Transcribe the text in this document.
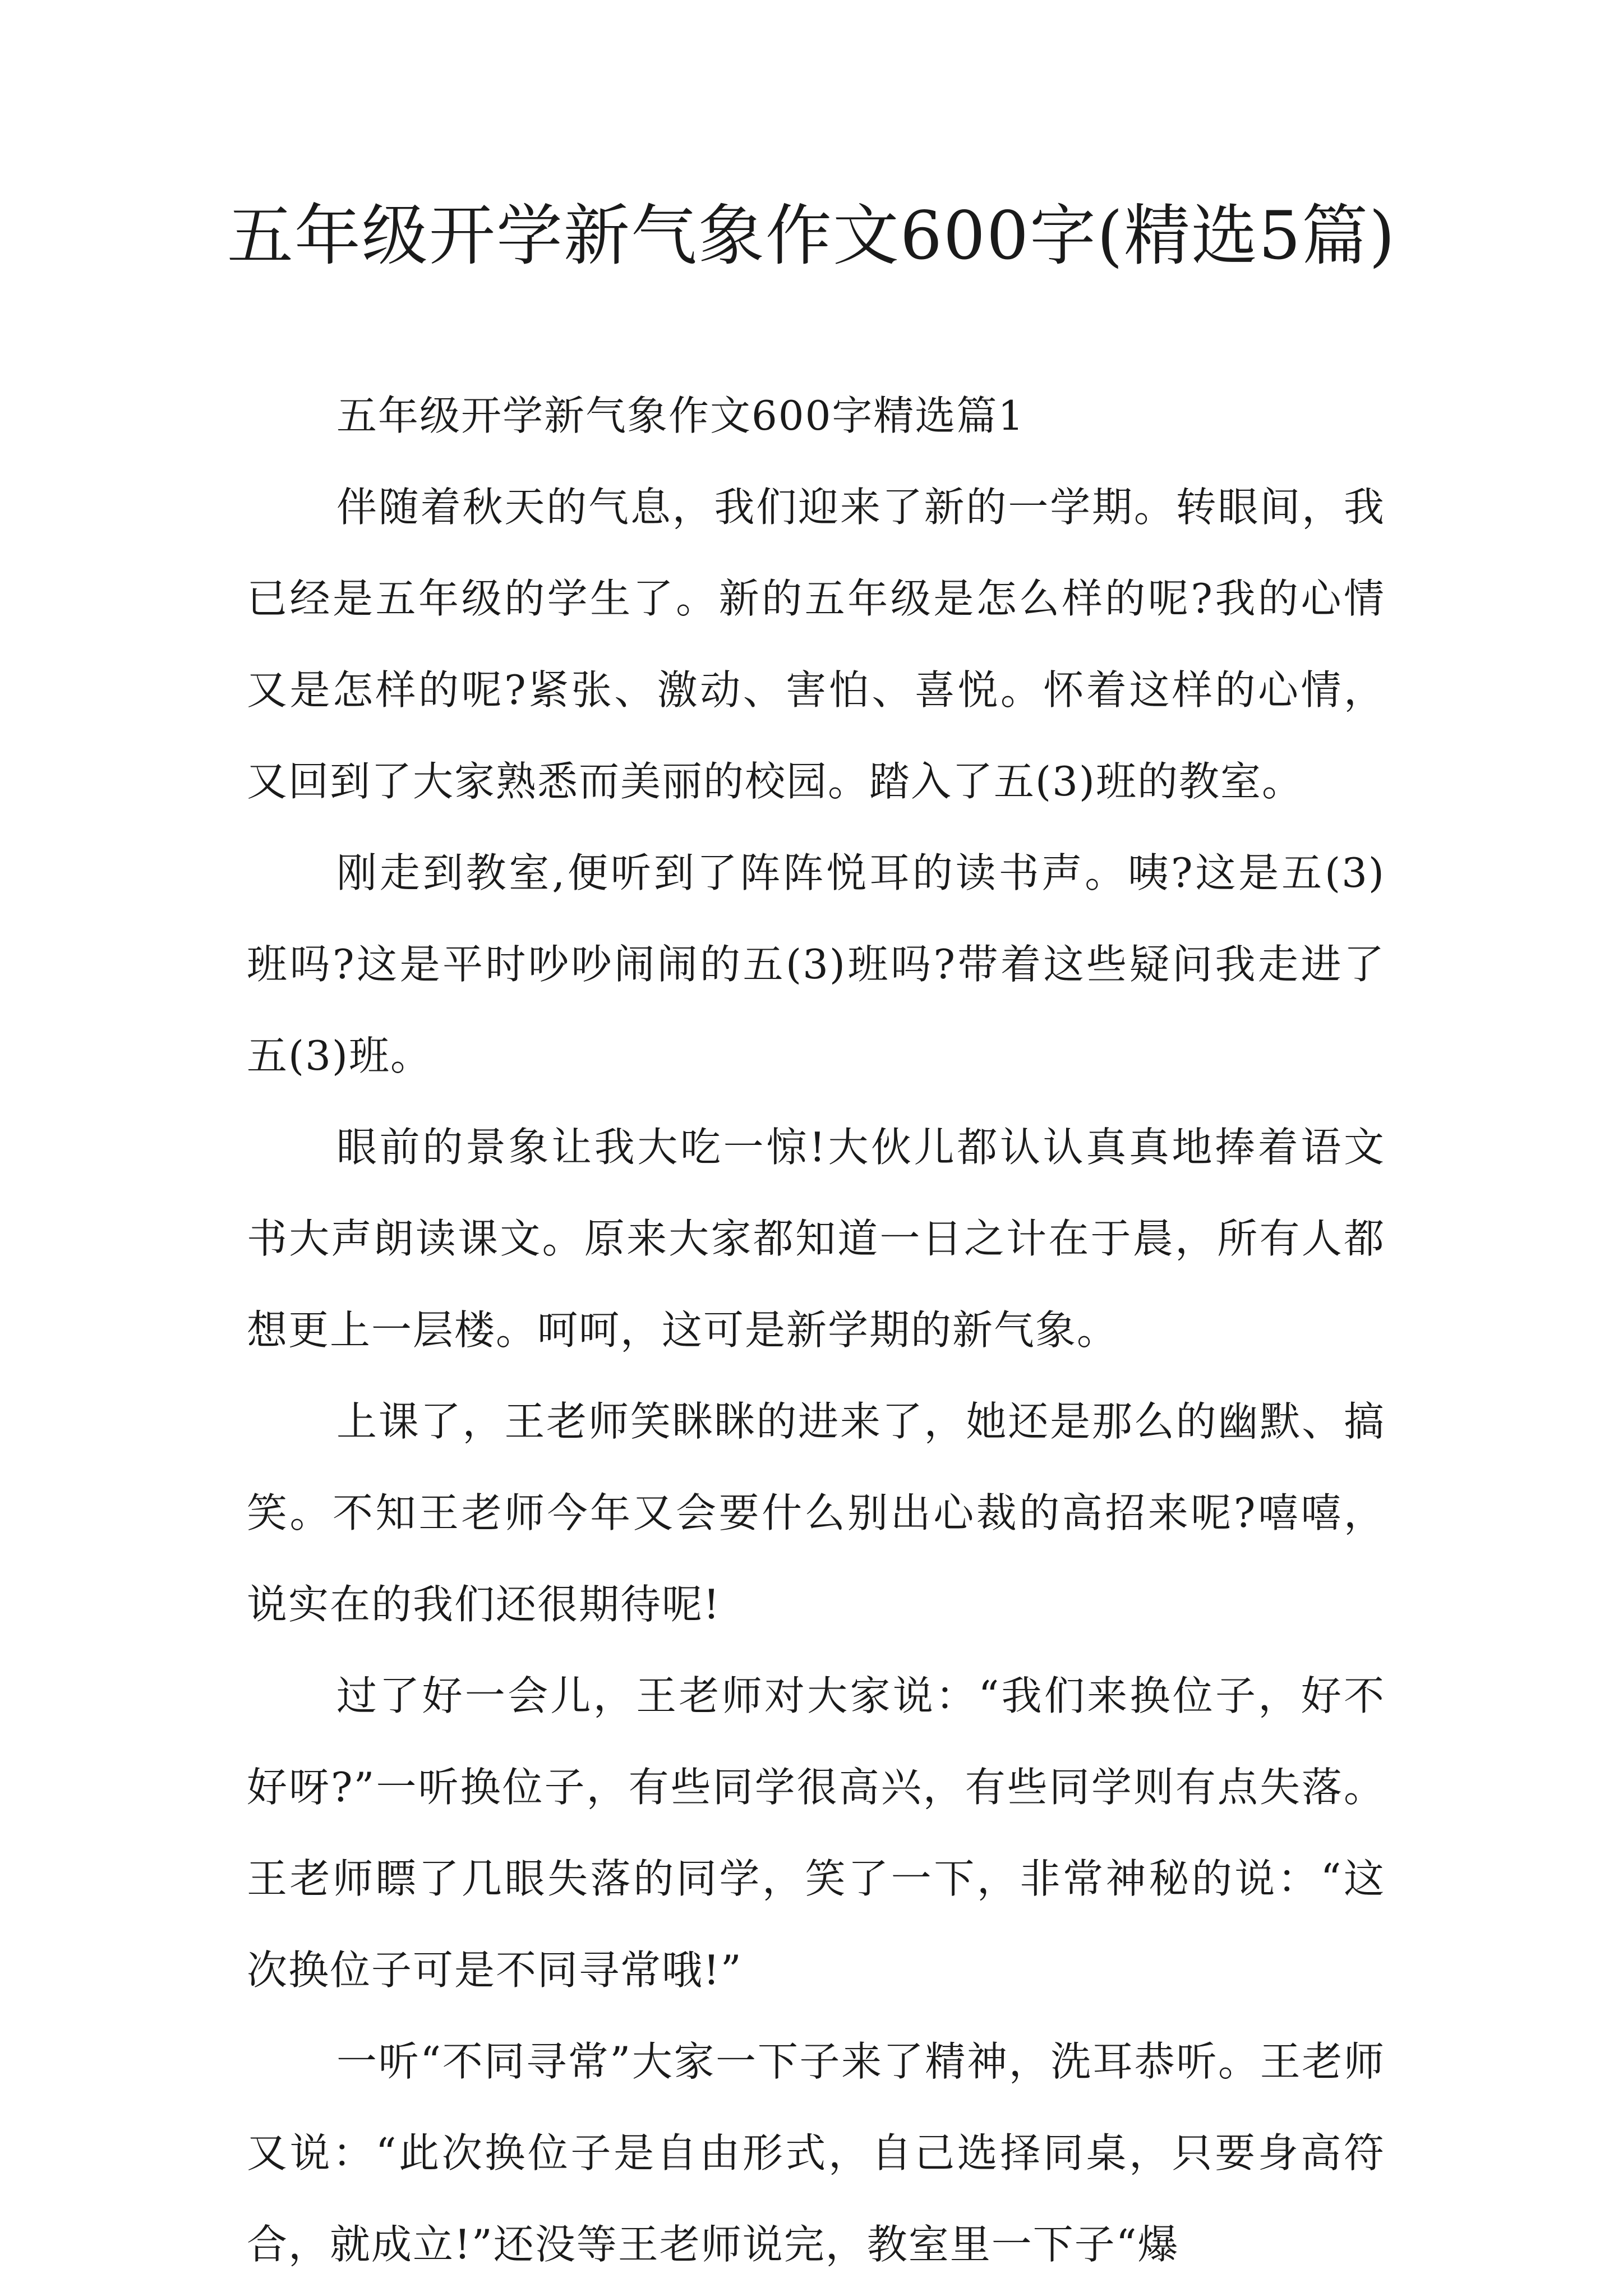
五年级开学新气象作文600字(精选5篇)

五年级开学新气象作文600字精选篇1

伴随着秋天的气息，我们迎来了新的一学期。转眼间，我已经是五年级的学生了。新的五年级是怎么样的呢?我的心情又是怎样的呢?紧张、激动、害怕、喜悦。怀着这样的心情，又回到了大家熟悉而美丽的校园。踏入了五(3)班的教室。

刚走到教室,便听到了阵阵悦耳的读书声。咦?这是五(3)班吗?这是平时吵吵闹闹的五(3)班吗?带着这些疑问我走进了五(3)班。

眼前的景象让我大吃一惊!大伙儿都认认真真地捧着语文书大声朗读课文。原来大家都知道一日之计在于晨，所有人都想更上一层楼。呵呵，这可是新学期的新气象。

上课了，王老师笑眯眯的进来了，她还是那么的幽默、搞笑。不知王老师今年又会要什么别出心裁的高招来呢?嘻嘻，说实在的我们还很期待呢!

过了好一会儿，王老师对大家说：“我们来换位子，好不好呀?”一听换位子，有些同学很高兴，有些同学则有点失落。王老师瞟了几眼失落的同学，笑了一下，非常神秘的说：“这次换位子可是不同寻常哦!”

一听“不同寻常”大家一下子来了精神，洗耳恭听。王老师又说：“此次换位子是自由形式，自己选择同桌，只要身高符合，就成立!”还没等王老师说完，教室里一下子“爆
